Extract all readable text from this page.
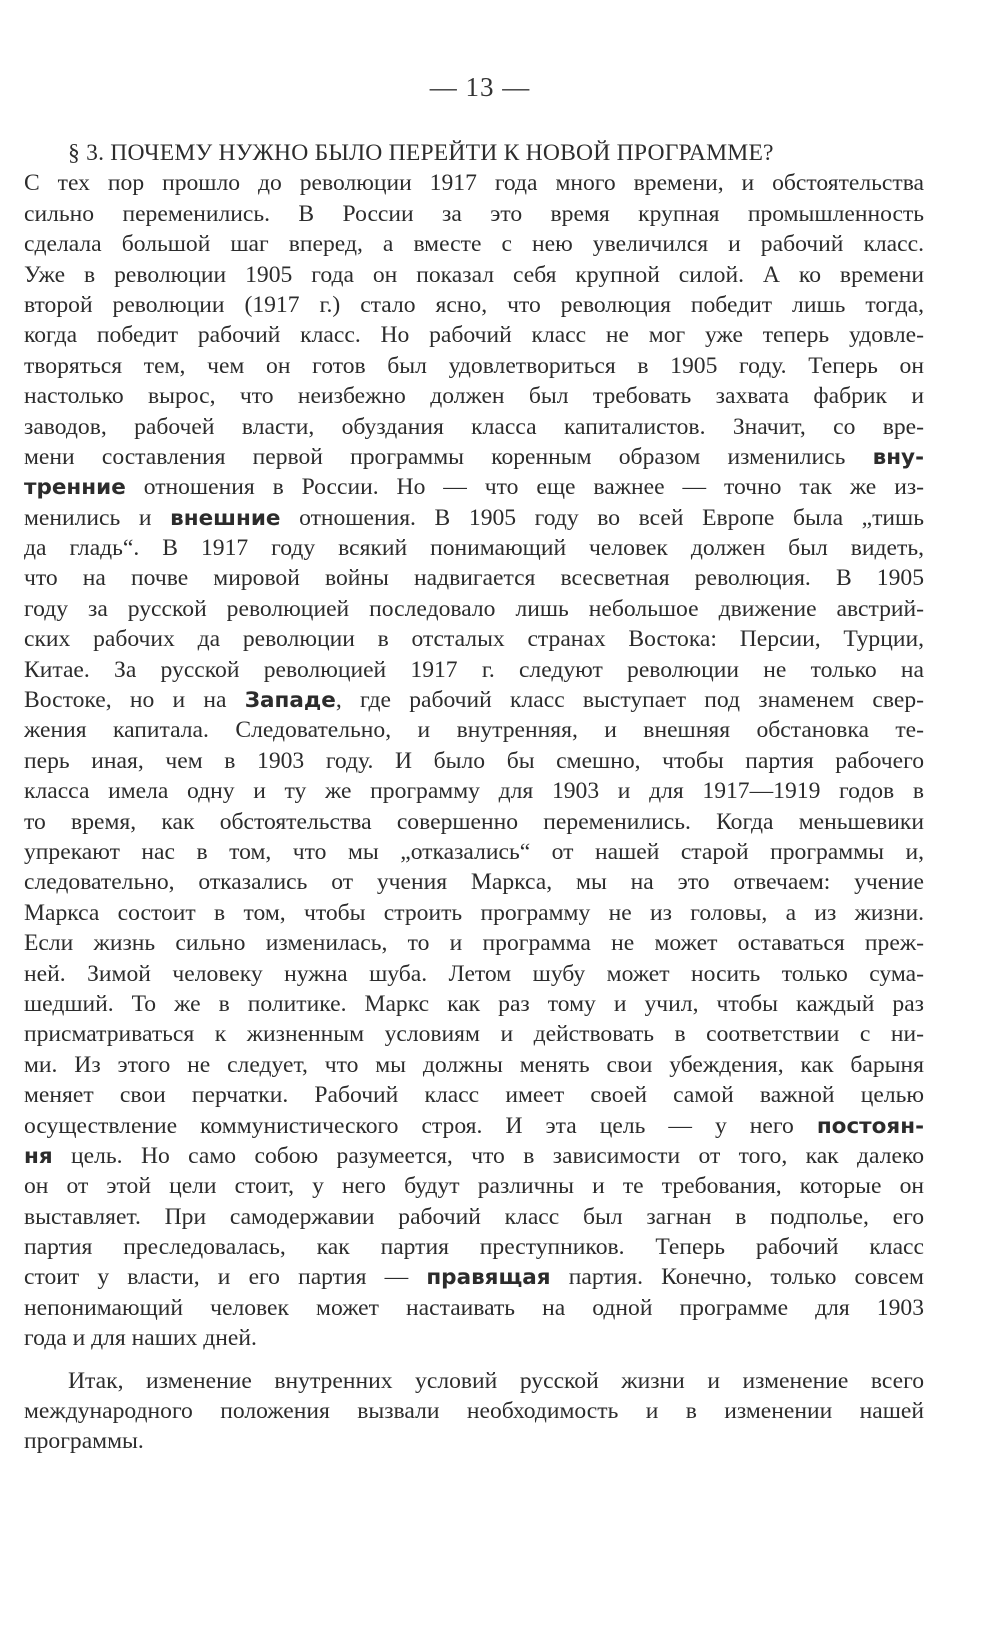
— 13 —
§ 3. ПОЧЕМУ НУЖНО БЫЛО ПЕРЕЙТИ К НОВОЙ ПРОГРАММЕ?
С тех пор прошло до революции 1917 года много времени, и обстоятельства
сильно переменились. В России за это время крупная промышленность
сделала большой шаг вперед, а вместе с нею увеличился и рабочий класс.
Уже в революции 1905 года он показал себя крупной силой. А ко времени
второй революции (1917 г.) стало ясно, что революция победит лишь тогда,
когда победит рабочий класс. Но рабочий класс не мог уже теперь удовле-
творяться тем, чем он готов был удовлетвориться в 1905 году. Теперь он
настолько вырос, что неизбежно должен был требовать захвата фабрик и
заводов, рабочей власти, обуздания класса капиталистов. Значит, со вре-
мени составления первой программы коренным образом изменились вну-
тренние отношения в России. Но — что еще важнее — точно так же из-
менились и внешние отношения. В 1905 году во всей Европе была „тишь
да гладь“. В 1917 году всякий понимающий человек должен был видеть,
что на почве мировой войны надвигается всесветная революция. В 1905
году за русской революцией последовало лишь небольшое движение австрий-
ских рабочих да революции в отсталых странах Востока: Персии, Турции,
Китае. За русской революцией 1917 г. следуют революции не только на
Востоке, но и на Западе, где рабочий класс выступает под знаменем свер-
жения капитала. Следовательно, и внутренняя, и внешняя обстановка те-
перь иная, чем в 1903 году. И было бы смешно, чтобы партия рабочего
класса имела одну и ту же программу для 1903 и для 1917—1919 годов в
то время, как обстоятельства совершенно переменились. Когда меньшевики
упрекают нас в том, что мы „отказались“ от нашей старой программы и,
следовательно, отказались от учения Маркса, мы на это отвечаем: учение
Маркса состоит в том, чтобы строить программу не из головы, а из жизни.
Если жизнь сильно изменилась, то и программа не может оставаться преж-
ней. Зимой человеку нужна шуба. Летом шубу может носить только сума-
шедший. То же в политике. Маркс как раз тому и учил, чтобы каждый раз
присматриваться к жизненным условиям и действовать в соответствии с ни-
ми. Из этого не следует, что мы должны менять свои убеждения, как барыня
меняет свои перчатки. Рабочий класс имеет своей самой важной целью
осуществление коммунистического строя. И эта цель — у него постоян-
ня цель. Но само собою разумеется, что в зависимости от того, как далеко
он от этой цели стоит, у него будут различны и те требования, которые он
выставляет. При самодержавии рабочий класс был загнан в подполье, его
партия преследовалась, как партия преступников. Теперь рабочий класс
стоит у власти, и его партия — правящая партия. Конечно, только совсем
непонимающий человек может настаивать на одной программе для 1903
года и для наших дней.
Итак, изменение внутренних условий русской жизни и изменение всего
международного положения вызвали необходимость и в изменении нашей
программы.
